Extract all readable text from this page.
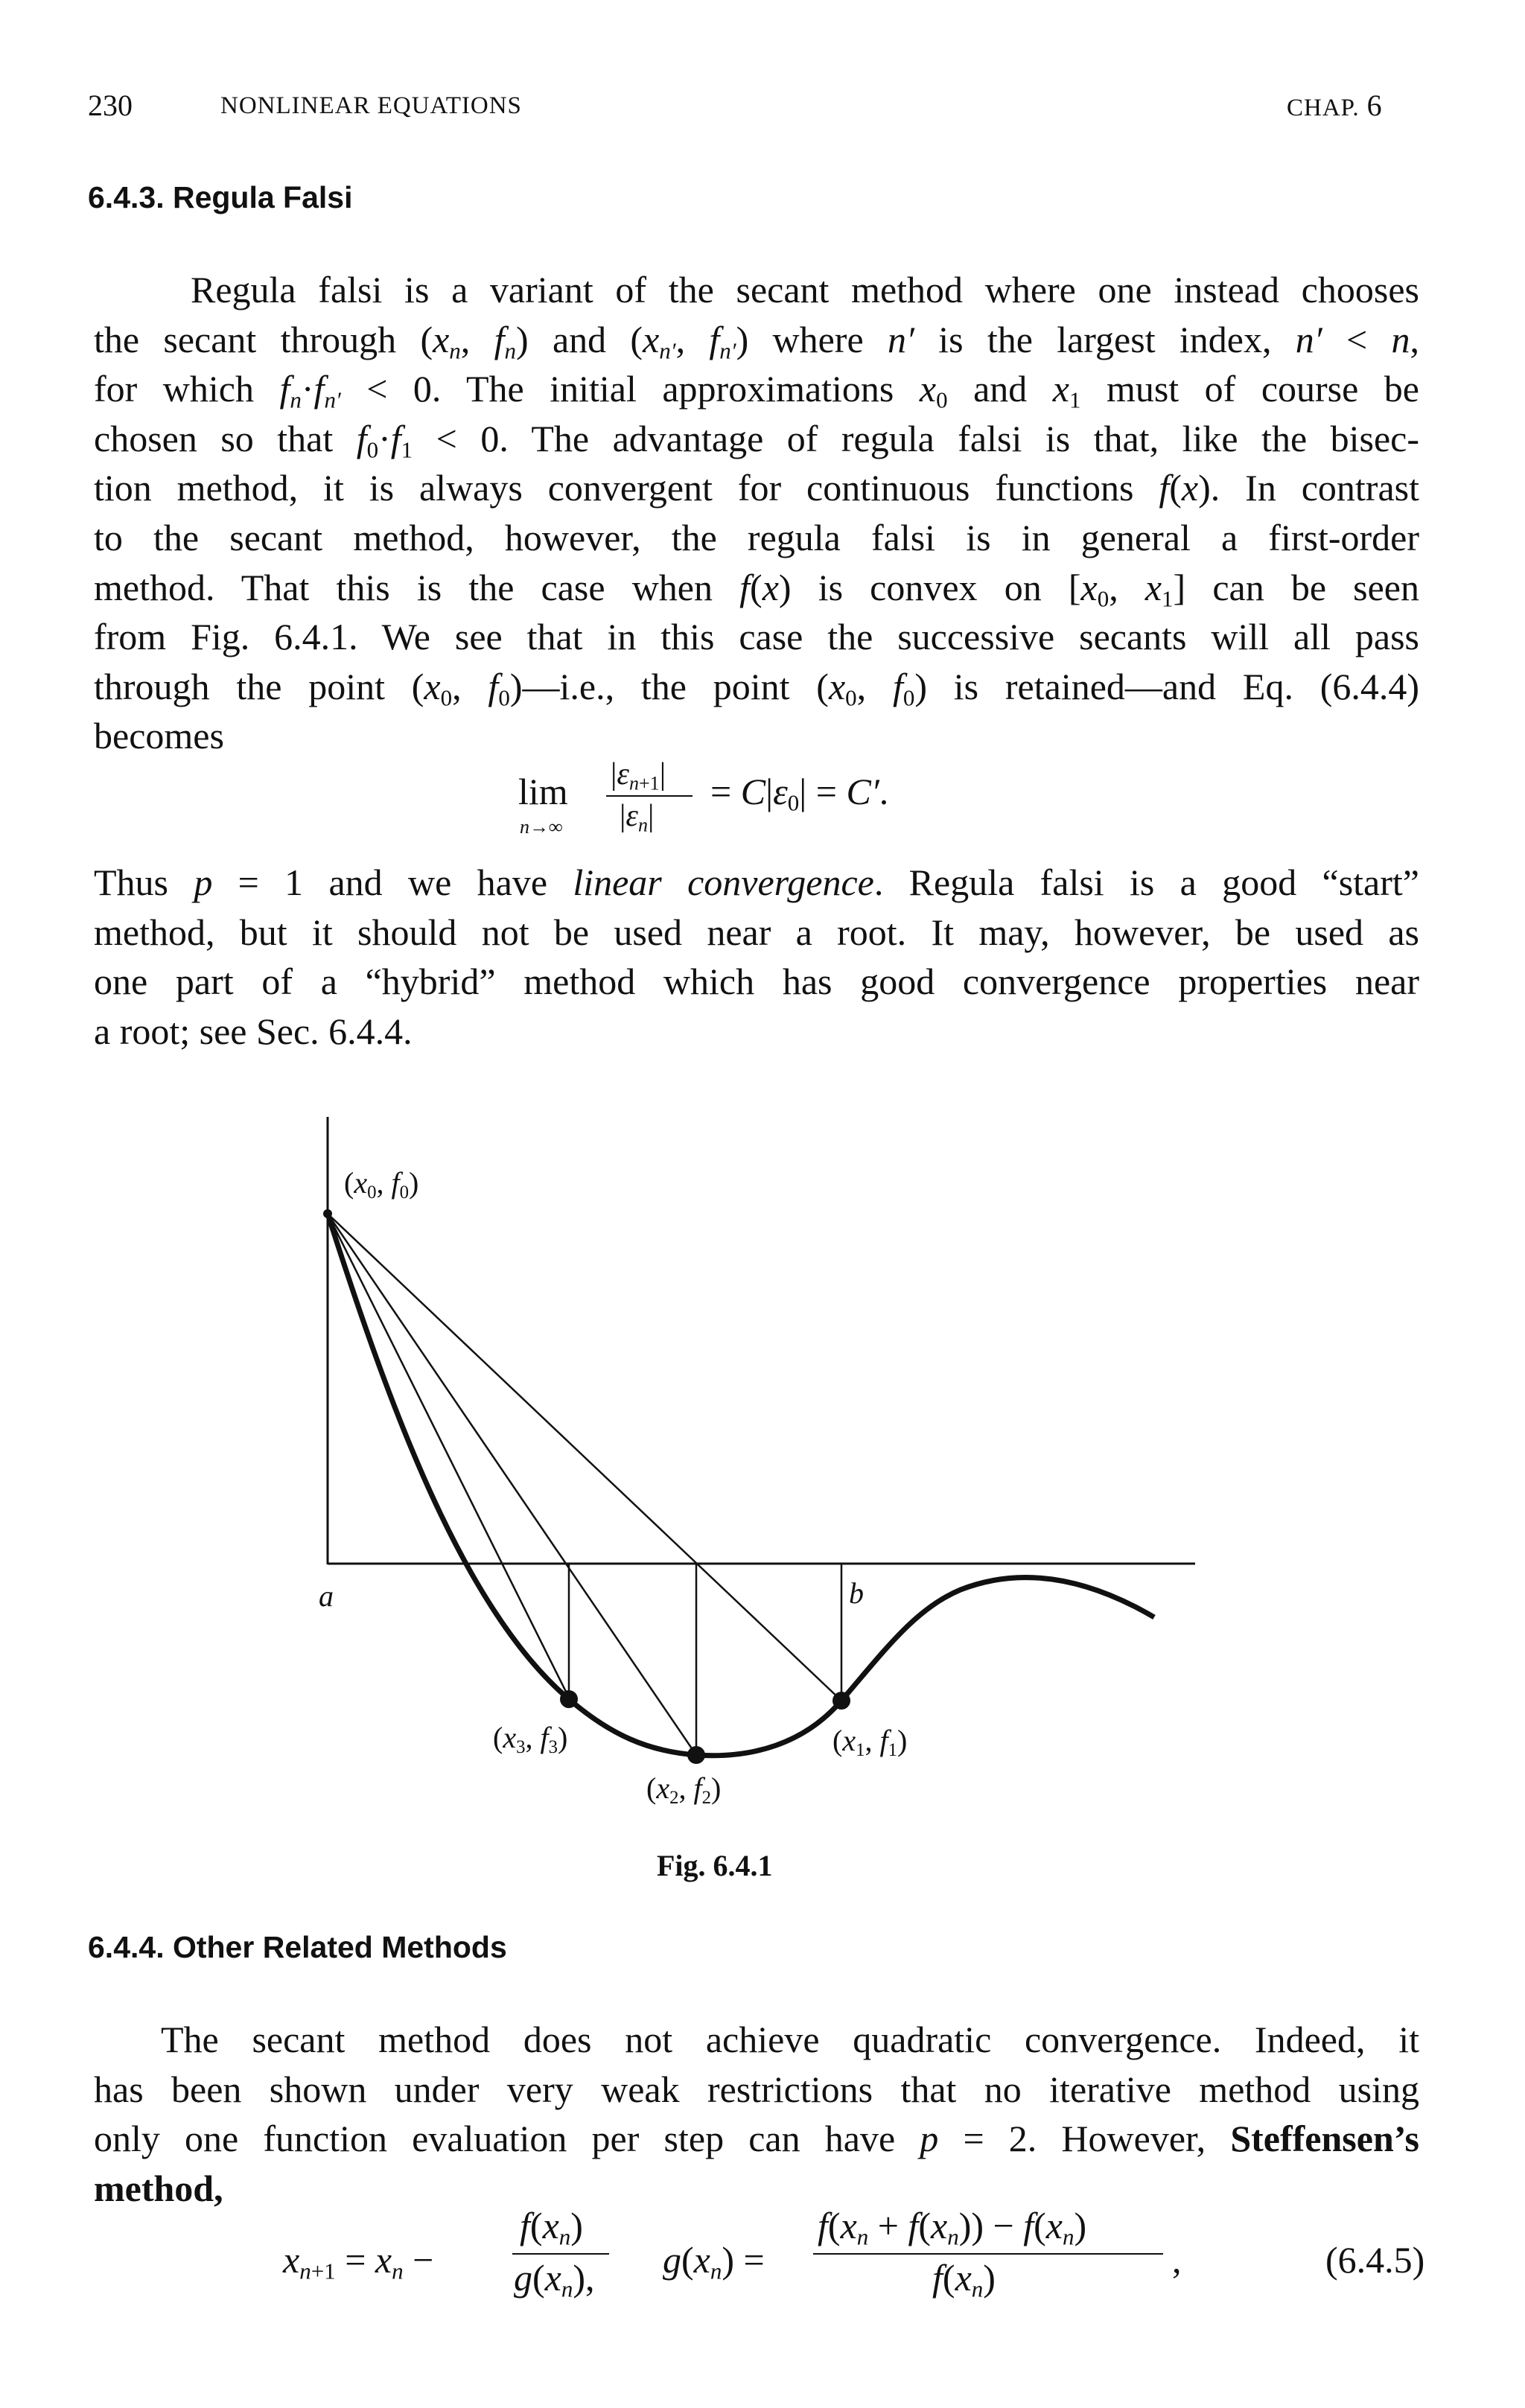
230	NONLINEAR EQUATIONS	CHAP. 6
6.4.3. Regula Falsi
Regula falsi is a variant of the secant method where one instead chooses
the secant through ($x_n$, $f_n$) and ($x_{n'}$, $f_{n'}$) where n′ is the largest index, n′ < n,
for which $f_n\cdot f_{n'} < 0$. The initial approximations $x_0$ and $x_1$ must of course be
chosen so that $f_0\cdot f_1 < 0$. The advantage of regula falsi is that, like the bisec-
tion method, it is always convergent for continuous functions f(x). In contrast
to the secant method, however, the regula falsi is in general a first-order
method. That this is the case when f(x) is convex on [$x_0$, $x_1$] can be seen
from Fig. 6.4.1. We see that in this case the successive secants will all pass
through the point ($x_0$, $f_0)—i.e$., the point ($x_0$, $f_0$) is retained—and Eq. (6.4.4)
becomes
lim
n→∞
$|\varepsilon_{n+1}|$
$|\varepsilon_n|$
= $C|\varepsilon_0| = C'$.
Thus p = 1 and we have linear convergence. Regula falsi is a good “start”
method, but it should not be used near a root. It may, however, be used as
one part of a “hybrid” method which has good convergence properties near
a root; see Sec. 6.4.4.
($x_0$, $f_0$)
a	b
($x_3$, $f_3$)
($x_2$, $f_2$)
($x_1$, $f_1$)
Fig. 6.4.1
6.4.4. Other Related Methods
The secant method does not achieve quadratic convergence. Indeed, it
has been shown under very weak restrictions that no iterative method using
only one function evaluation per step can have p = 2. However, Steffensen’s
method,
$x_{n+1} = x_n$ −
$f(x_n)$
$g(x_n)$, $g(x_n)$ =
$f(x_n + f(x_n)) - f(x_n)$
$f(x_n)$	,	(6.4.5)
